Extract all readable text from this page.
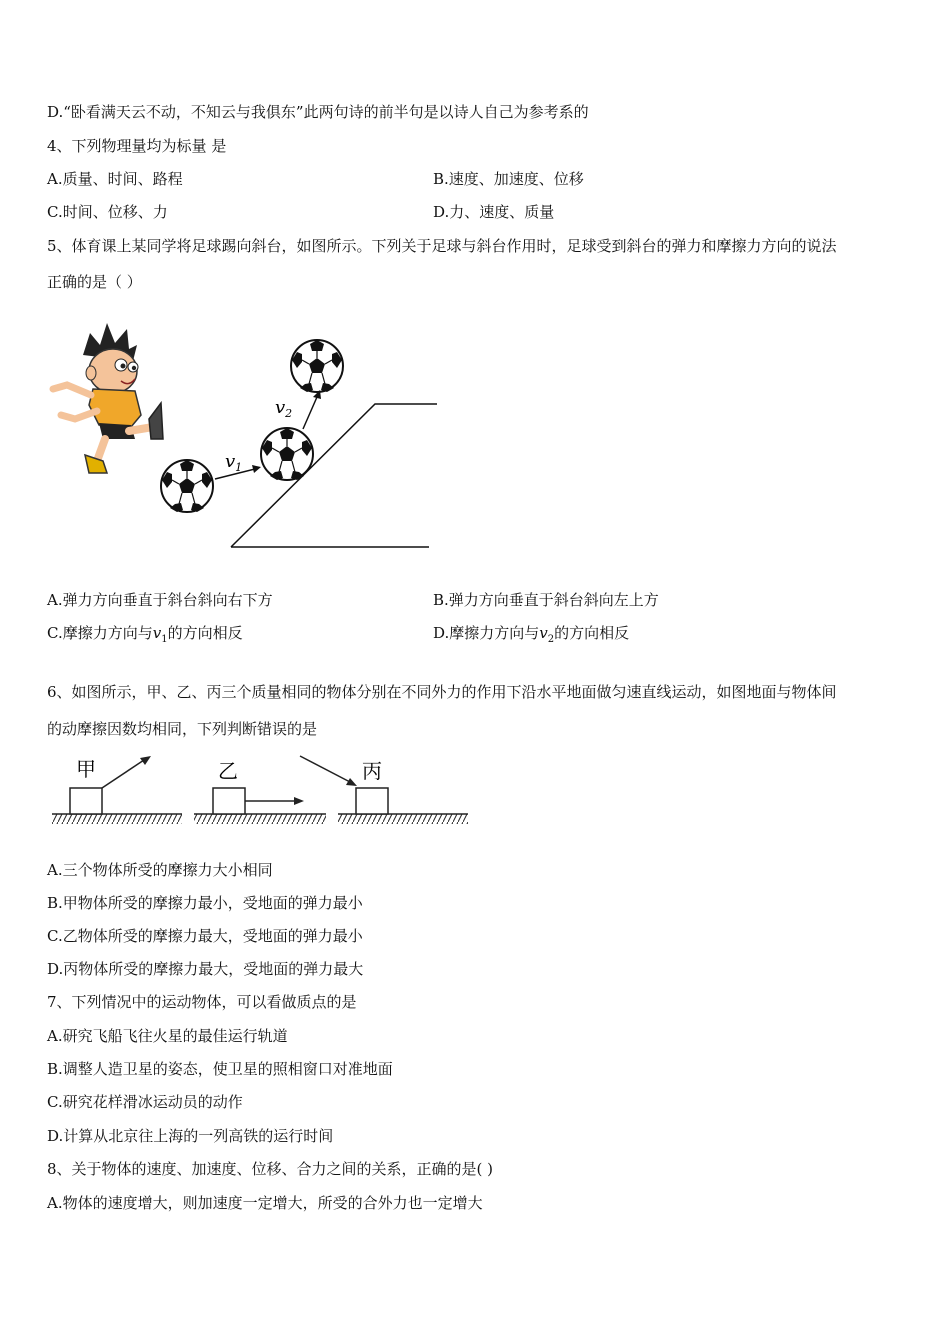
D.“卧看满天云不动，不知云与我俱东”此两句诗的前半句是以诗人自己为参考系的
4、下列物理量均为标量 是
A.质量、时间、路程	B.速度、加速度、位移
C.时间、位移、力	D.力、速度、质量
5、体育课上某同学将足球踢向斜台，如图所示。下列关于足球与斜台作用时，足球受到斜台的弹力和摩擦力方向的说法
正确的是（ ）
$v_1$
$v_2$
A.弹力方向垂直于斜台斜向右下方	B.弹力方向垂直于斜台斜向左上方
C.摩擦力方向与$v_1$的方向相反	D.摩擦力方向与$v_2$的方向相反
6、如图所示，甲、乙、丙三个质量相同的物体分别在不同外力的作用下沿水平地面做匀速直线运动，如图地面与物体间
的动摩擦因数均相同，下列判断错误的是
甲	乙	丙
A.三个物体所受的摩擦力大小相同
B.甲物体所受的摩擦力最小，受地面的弹力最小
C.乙物体所受的摩擦力最大，受地面的弹力最小
D.丙物体所受的摩擦力最大，受地面的弹力最大
7、下列情况中的运动物体，可以看做质点的是
A.研究飞船飞往火星的最佳运行轨道
B.调整人造卫星的姿态，使卫星的照相窗口对准地面
C.研究花样滑冰运动员的动作
D.计算从北京往上海的一列高铁的运行时间
8、关于物体的速度、加速度、位移、合力之间的关系，正确的是( )
A.物体的速度增大，则加速度一定增大，所受的合外力也一定增大
